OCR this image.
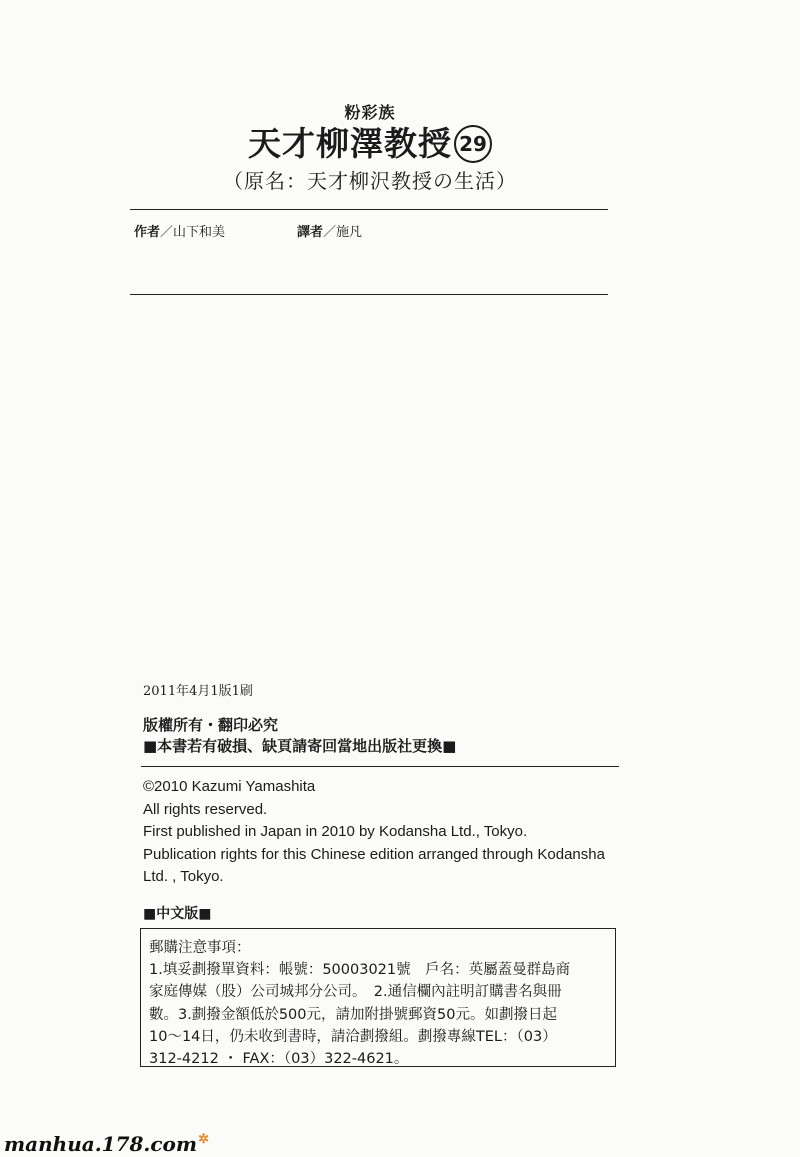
粉彩族
天才柳澤教授 29
（原名：天才柳沢教授の生活）
作者／山下和美	譯者／施凡
2011年4月1版1刷
版權所有・翻印必究
■本書若有破損、缺頁請寄回當地出版社更換■
©2010 Kazumi Yamashita
All rights reserved.
First published in Japan in 2010 by Kodansha Ltd., Tokyo.
Publication rights for this Chinese edition arranged through Kodansha
Ltd. , Tokyo.
■中文版■
郵購注意事項：
1.填妥劃撥單資料：帳號：50003021號　戶名：英屬蓋曼群島商
家庭傳媒（股）公司城邦分公司。　2.通信欄內註明訂購書名與冊
數。3.劃撥金額低於500元，請加附掛號郵資50元。如劃撥日起
10～14日，仍未收到書時，請洽劃撥組。劃撥專線TEL：（03）
312-4212 ・ FAX：（03）322-4621。
manhua.178.com✲
